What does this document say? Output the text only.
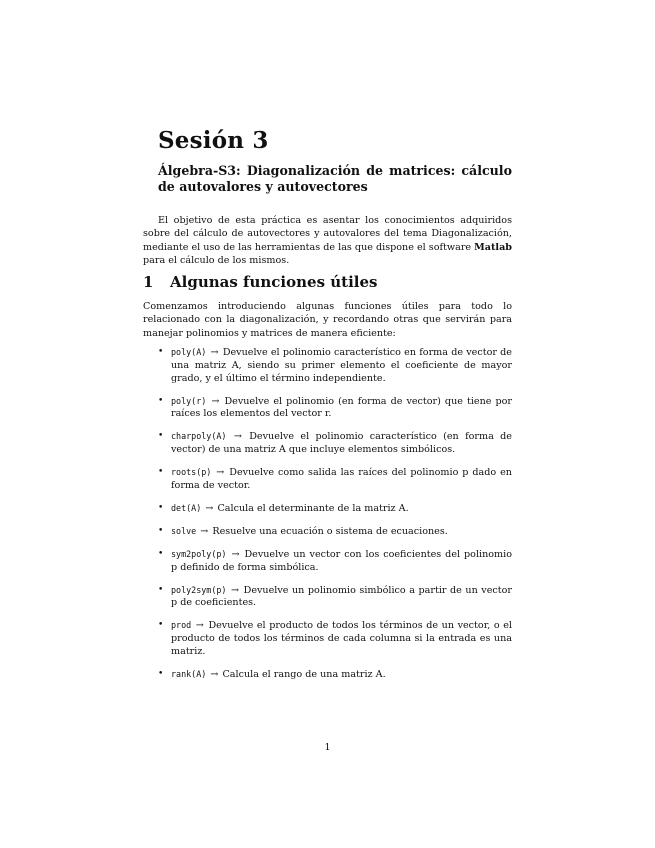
Sesión 3
Álgebra-S3: Diagonalización de matrices: cálculo de autovalores y autovectores

El objetivo de esta práctica es asentar los conocimientos adquiridos sobre del cálculo de autovectores y autovalores del tema Diagonalización, mediante el uso de las herramientas de las que dispone el software Matlab para el cálculo de los mismos.

1 Algunas funciones útiles

Comenzamos introduciendo algunas funciones útiles para todo lo relacionado con la diagonalización, y recordando otras que servirán para manejar polinomios y matrices de manera eficiente:

• poly(A) → Devuelve el polinomio característico en forma de vector de una matriz A, siendo su primer elemento el coeficiente de mayor grado, y el último el término independiente.
• poly(r) → Devuelve el polinomio (en forma de vector) que tiene por raíces los elementos del vector r.
• charpoly(A) → Devuelve el polinomio característico (en forma de vector) de una matriz A que incluye elementos simbólicos.
• roots(p) → Devuelve como salida las raíces del polinomio p dado en forma de vector.
• det(A) → Calcula el determinante de la matriz A.
• solve → Resuelve una ecuación o sistema de ecuaciones.
• sym2poly(p) → Devuelve un vector con los coeficientes del polinomio p definido de forma simbólica.
• poly2sym(p) → Devuelve un polinomio simbólico a partir de un vector p de coeficientes.
• prod → Devuelve el producto de todos los términos de un vector, o el producto de todos los términos de cada columna si la entrada es una matriz.
• rank(A) → Calcula el rango de una matriz A.
1
